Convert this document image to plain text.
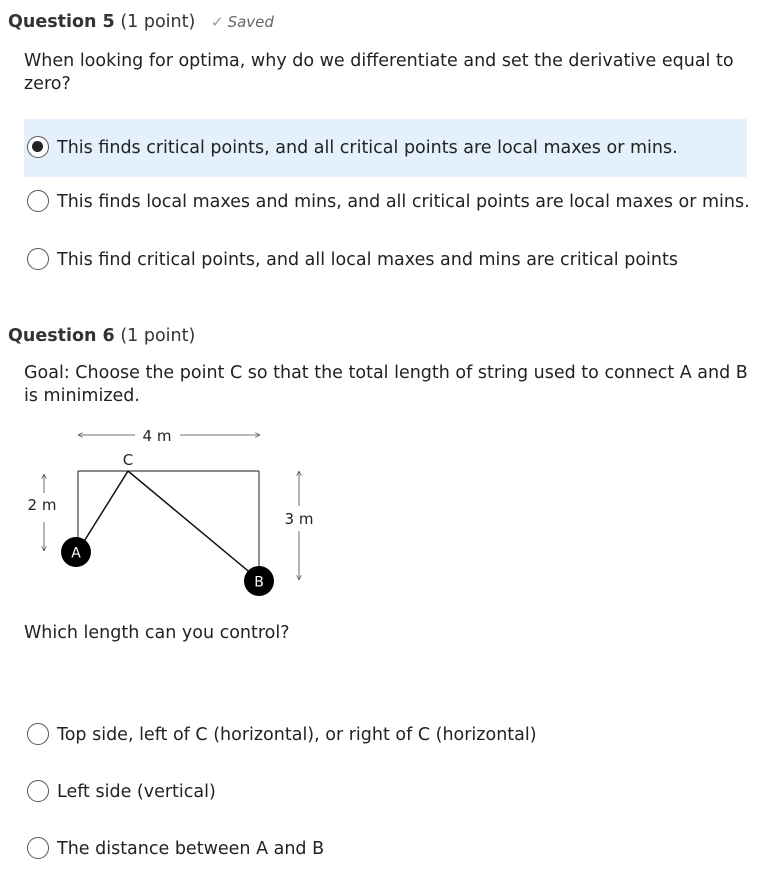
Question 5 (1 point) ✓ Saved
When looking for optima, why do we differentiate and set the derivative equal to zero?
This finds critical points, and all critical points are local maxes or mins.
This finds local maxes and mins, and all critical points are local maxes or mins.
This find critical points, and all local maxes and mins are critical points
Question 6 (1 point)
Goal: Choose the point C so that the total length of string used to connect A and B is minimized.
4 m
2 m
3 m
C
A
B
Which length can you control?
Top side, left of C (horizontal), or right of C (horizontal)
Left side (vertical)
The distance between A and B
